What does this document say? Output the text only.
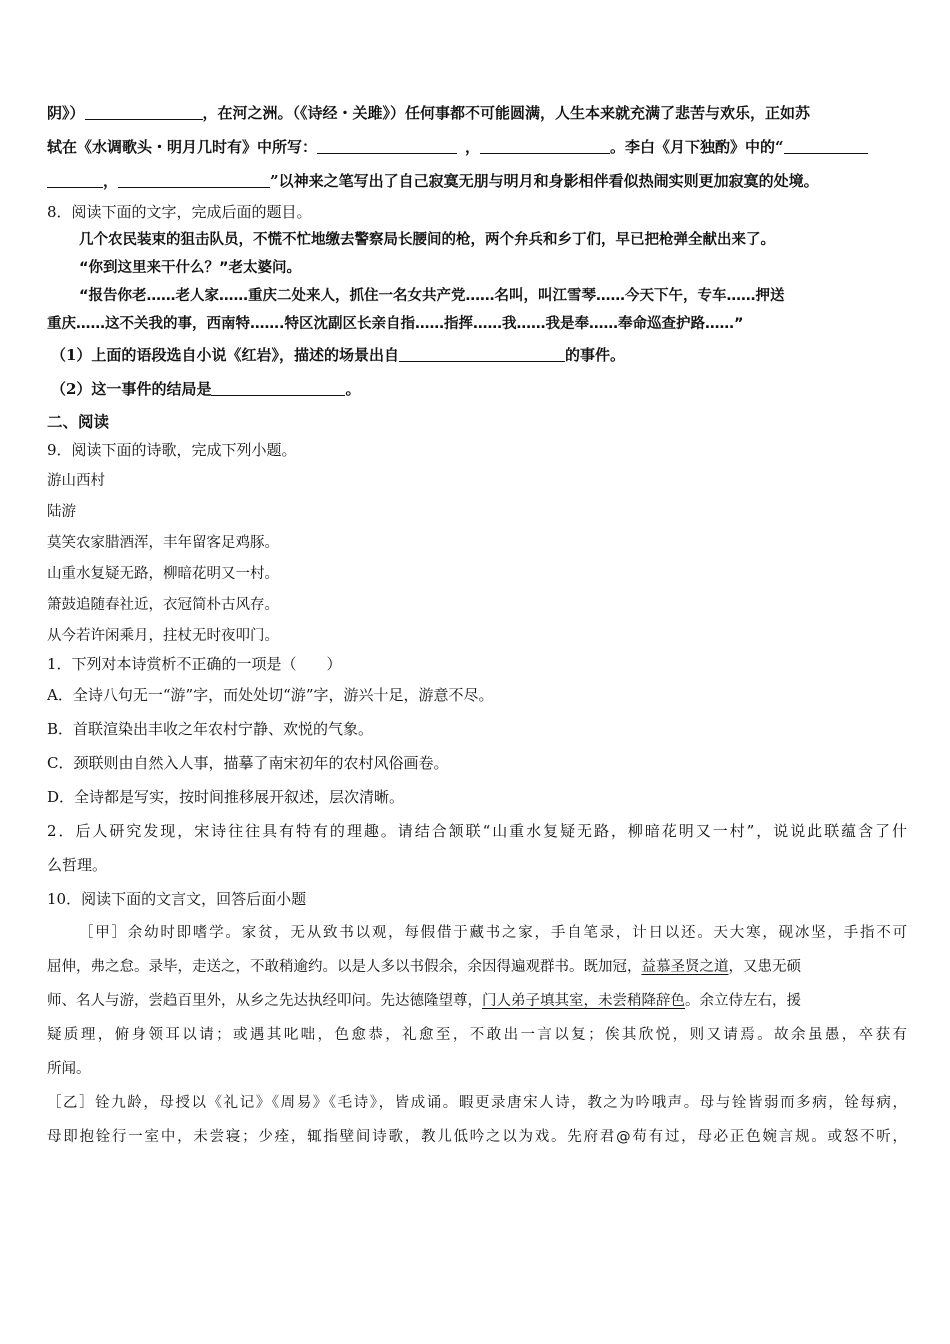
阴》）	，在河之洲。（《诗经・关雎》）任何事都不可能圆满，人生本来就充满了悲苦与欢乐，正如苏
轼在《水调歌头・明月几时有》中所写：	，	。李白《月下独酌》中的“
，	”以神来之笔写出了自己寂寞无朋与明月和身影相伴看似热闹实则更加寂寞的处境。
8．阅读下面的文字，完成后面的题目。
几个农民装束的狙击队员，不慌不忙地缴去警察局长腰间的枪，两个弁兵和乡丁们，早已把枪弹全献出来了。
“你到这里来干什么？”老太婆问。
“报告你老……老人家……重庆二处来人，抓住一名女共产党……名叫，叫江雪琴……今天下午，专车……押送
重庆……这不关我的事，西南特…….特区沈副区长亲自指……指挥……我……我是奉……奉命巡查护路……”
（1）上面的语段选自小说《红岩》，描述的场景出自	的事件。
（2）这一事件的结局是	。
二、阅读
9．阅读下面的诗歌，完成下列小题。
游山西村
陆游
莫笑农家腊酒浑，丰年留客足鸡豚。
山重水复疑无路，柳暗花明又一村。
箫鼓追随春社近，衣冠简朴古风存。
从今若许闲乘月，拄杖无时夜叩门。
1．下列对本诗赏析不正确的一项是（　　）
A．全诗八句无一“游”字，而处处切“游”字，游兴十足，游意不尽。
B．首联渲染出丰收之年农村宁静、欢悦的气象。
C．颈联则由自然入人事，描摹了南宋初年的农村风俗画卷。
D．全诗都是写实，按时间推移展开叙述，层次清晰。
2．后人研究发现，宋诗往往具有特有的理趣。请结合颔联“山重水复疑无路，柳暗花明又一村”，说说此联蕴含了什
么哲理。
10．阅读下面的文言文，回答后面小题
［甲］余幼时即嗜学。家贫，无从致书以观，每假借于藏书之家，手自笔录，计日以还。天大寒，砚冰坚，手指不可
屈伸，弗之怠。录毕，走送之，不敢稍逾约。以是人多以书假余，余因得遍观群书。既加冠，益慕圣贤之道，又患无硕
师、名人与游，尝趋百里外，从乡之先达执经叩问。先达德隆望尊，门人弟子填其室，未尝稍降辞色。余立侍左右，援
疑质理，俯身领耳以请；或遇其叱咄，色愈恭，礼愈至，不敢出一言以复；俟其欣悦，则又请焉。故余虽愚，卒获有
所闻。
［乙］铨九龄，母授以《礼记》《周易》《毛诗》，皆成诵。暇更录唐宋人诗，教之为吟哦声。母与铨皆弱而多病，铨每病，
母即抱铨行一室中，未尝寝；少痊，辄指壁间诗歌，教儿低吟之以为戏。先府君@苟有过，母必正色婉言规。或怒不听，
